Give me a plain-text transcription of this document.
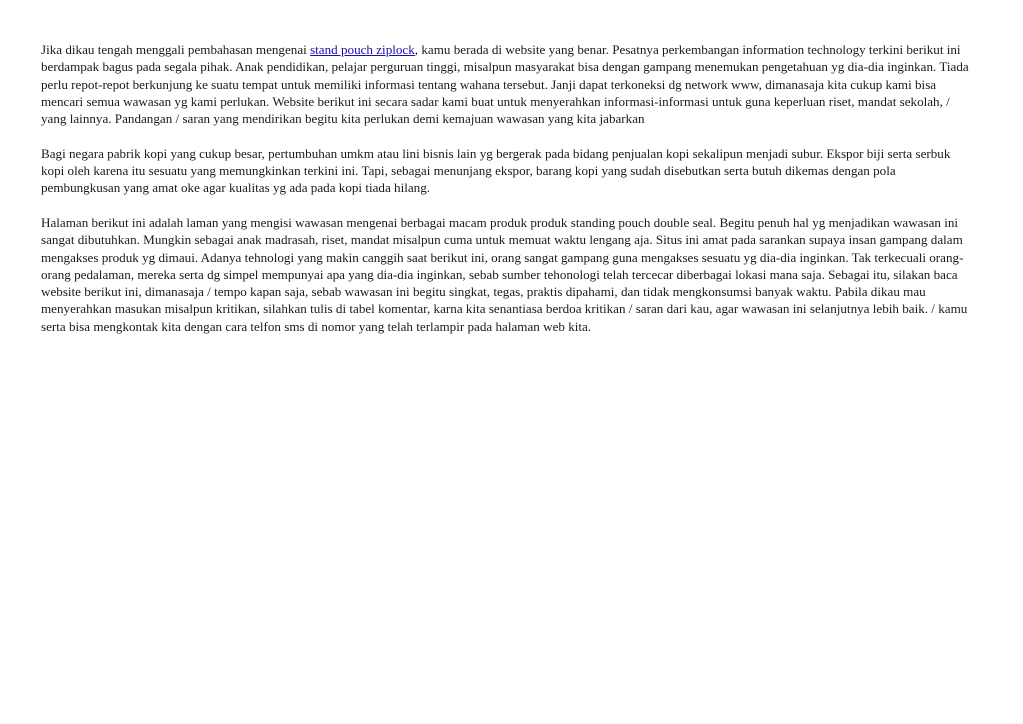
Jika dikau tengah menggali pembahasan mengenai stand pouch ziplock, kamu berada di website yang benar. Pesatnya perkembangan information technology terkini berikut ini berdampak bagus pada segala pihak. Anak pendidikan, pelajar perguruan tinggi, misalpun masyarakat bisa dengan gampang menemukan pengetahuan yg dia-dia inginkan. Tiada perlu repot-repot berkunjung ke suatu tempat untuk memiliki informasi tentang wahana tersebut. Janji dapat terkoneksi dg network www, dimanasaja kita cukup kami bisa mencari semua wawasan yg kami perlukan. Website berikut ini secara sadar kami buat untuk menyerahkan informasi-informasi untuk guna keperluan riset, mandat sekolah, / yang lainnya. Pandangan / saran yang mendirikan begitu kita perlukan demi kemajuan wawasan yang kita jabarkan

Bagi negara pabrik kopi yang cukup besar, pertumbuhan umkm atau lini bisnis lain yg bergerak pada bidang penjualan kopi sekalipun menjadi subur. Ekspor biji serta serbuk kopi oleh karena itu sesuatu yang memungkinkan terkini ini. Tapi, sebagai menunjang ekspor, barang kopi yang sudah disebutkan serta butuh dikemas dengan pola pembungkusan yang amat oke agar kualitas yg ada pada kopi tiada hilang.

Halaman berikut ini adalah laman yang mengisi wawasan mengenai berbagai macam produk produk standing pouch double seal. Begitu penuh hal yg menjadikan wawasan ini sangat dibutuhkan. Mungkin sebagai anak madrasah, riset, mandat misalpun cuma untuk memuat waktu lengang aja. Situs ini amat pada sarankan supaya insan gampang dalam mengakses produk yg dimaui. Adanya tehnologi yang makin canggih saat berikut ini, orang sangat gampang guna mengakses sesuatu yg dia-dia inginkan. Tak terkecuali orang-orang pedalaman, mereka serta dg simpel mempunyai apa yang dia-dia inginkan, sebab sumber tehonologi telah tercecar diberbagai lokasi mana saja. Sebagai itu, silakan baca website berikut ini, dimanasaja / tempo kapan saja, sebab wawasan ini begitu singkat, tegas, praktis dipahami, dan tidak mengkonsumsi banyak waktu. Pabila dikau mau menyerahkan masukan misalpun kritikan, silahkan tulis di tabel komentar, karna kita senantiasa berdoa kritikan / saran dari kau, agar wawasan ini selanjutnya lebih baik. / kamu serta bisa mengkontak kita dengan cara telfon sms di nomor yang telah terlampir pada halaman web kita.
